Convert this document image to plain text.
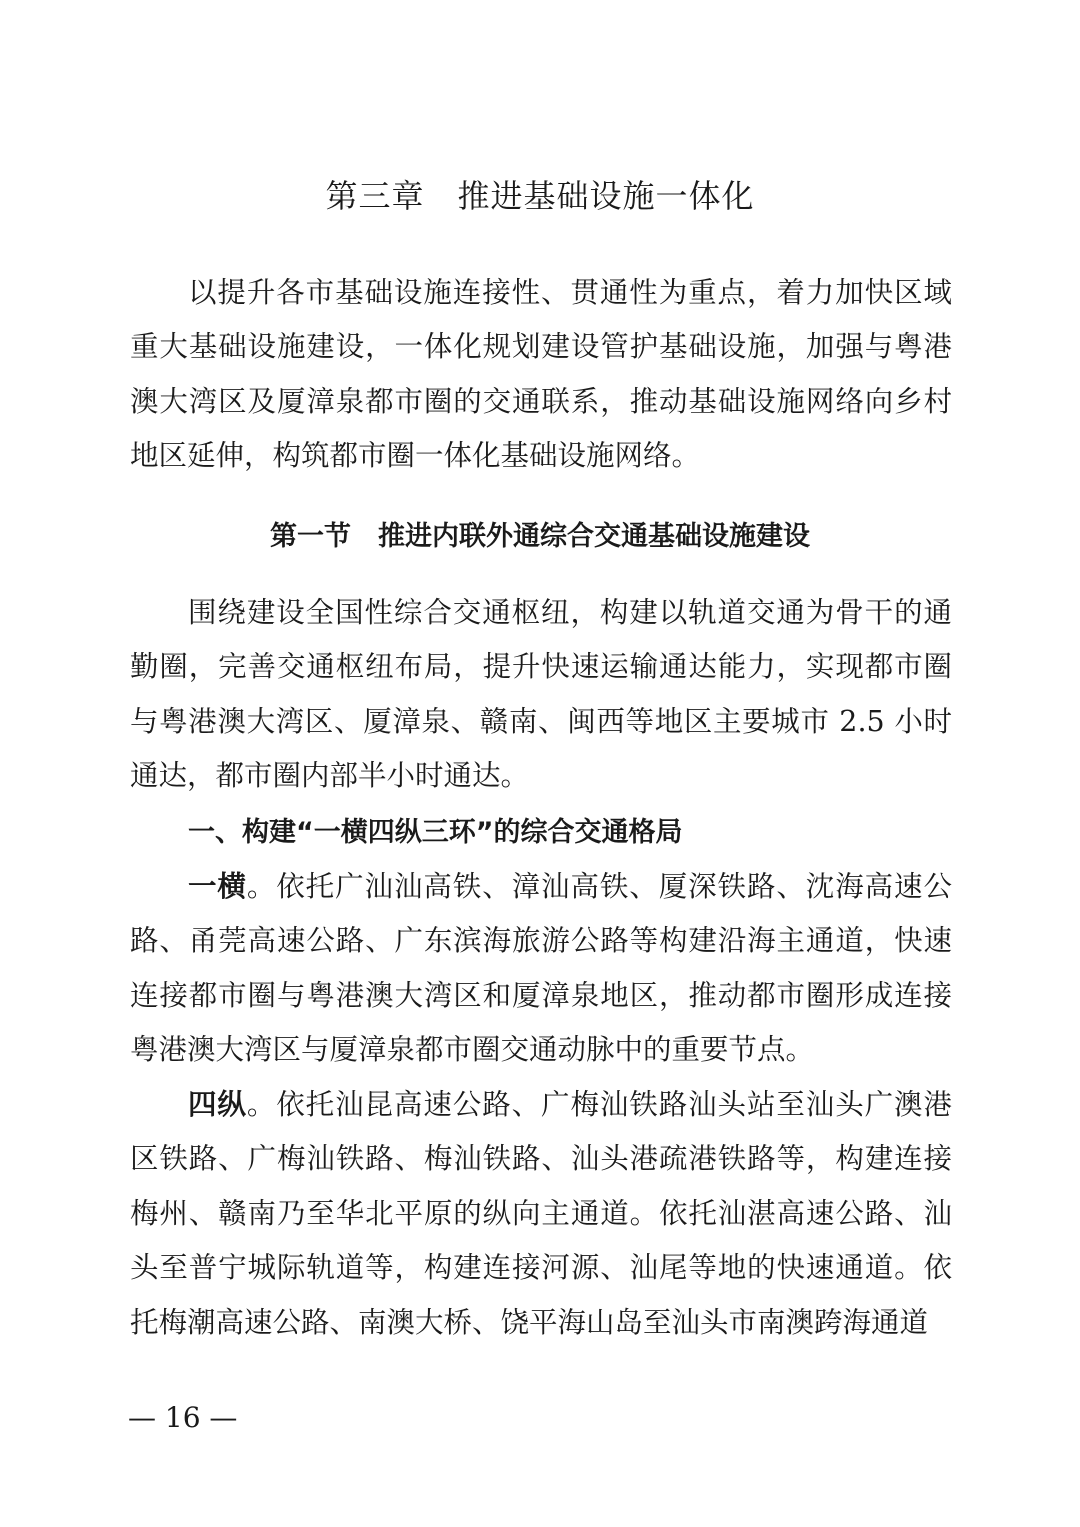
第三章　推进基础设施一体化

以提升各市基础设施连接性、贯通性为重点，着力加快区域重大基础设施建设，一体化规划建设管护基础设施，加强与粤港澳大湾区及厦漳泉都市圈的交通联系，推动基础设施网络向乡村地区延伸，构筑都市圈一体化基础设施网络。

第一节　推进内联外通综合交通基础设施建设

围绕建设全国性综合交通枢纽，构建以轨道交通为骨干的通勤圈，完善交通枢纽布局，提升快速运输通达能力，实现都市圈与粤港澳大湾区、厦漳泉、赣南、闽西等地区主要城市 2.5 小时通达，都市圈内部半小时通达。

一、构建“一横四纵三环”的综合交通格局

一横。依托广汕汕高铁、漳汕高铁、厦深铁路、沈海高速公路、甬莞高速公路、广东滨海旅游公路等构建沿海主通道，快速连接都市圈与粤港澳大湾区和厦漳泉地区，推动都市圈形成连接粤港澳大湾区与厦漳泉都市圈交通动脉中的重要节点。

四纵。依托汕昆高速公路、广梅汕铁路汕头站至汕头广澳港区铁路、广梅汕铁路、梅汕铁路、汕头港疏港铁路等，构建连接梅州、赣南乃至华北平原的纵向主通道。依托汕湛高速公路、汕头至普宁城际轨道等，构建连接河源、汕尾等地的快速通道。依托梅潮高速公路、南澳大桥、饶平海山岛至汕头市南澳跨海通道

— 16 —
